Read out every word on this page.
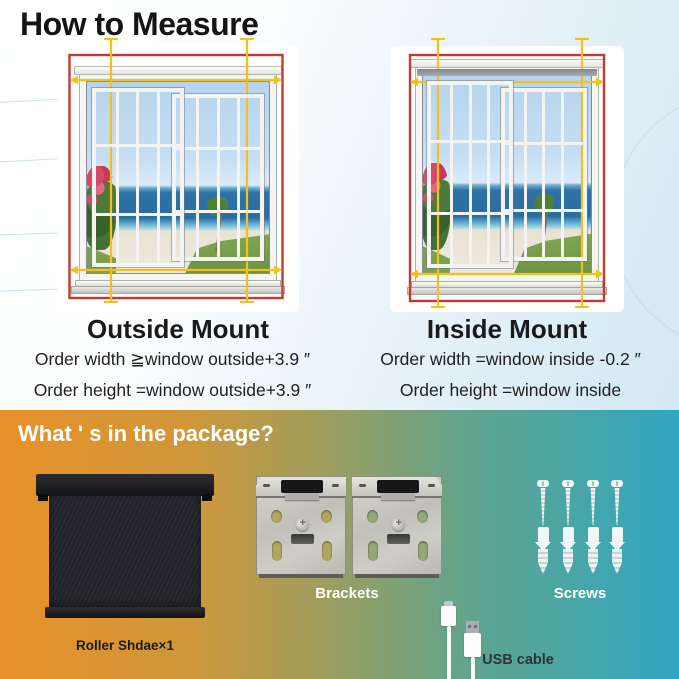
How to Measure
Outside Mount	Inside Mount

Order width ≧window outside+3.9 ″

Order height =window outside+3.9 ″

Order width =window inside -0.2 ″

Order height =window inside

What ' s in the package?

Roller Shdae×1

+
+

Brackets	Screws

USB cable
